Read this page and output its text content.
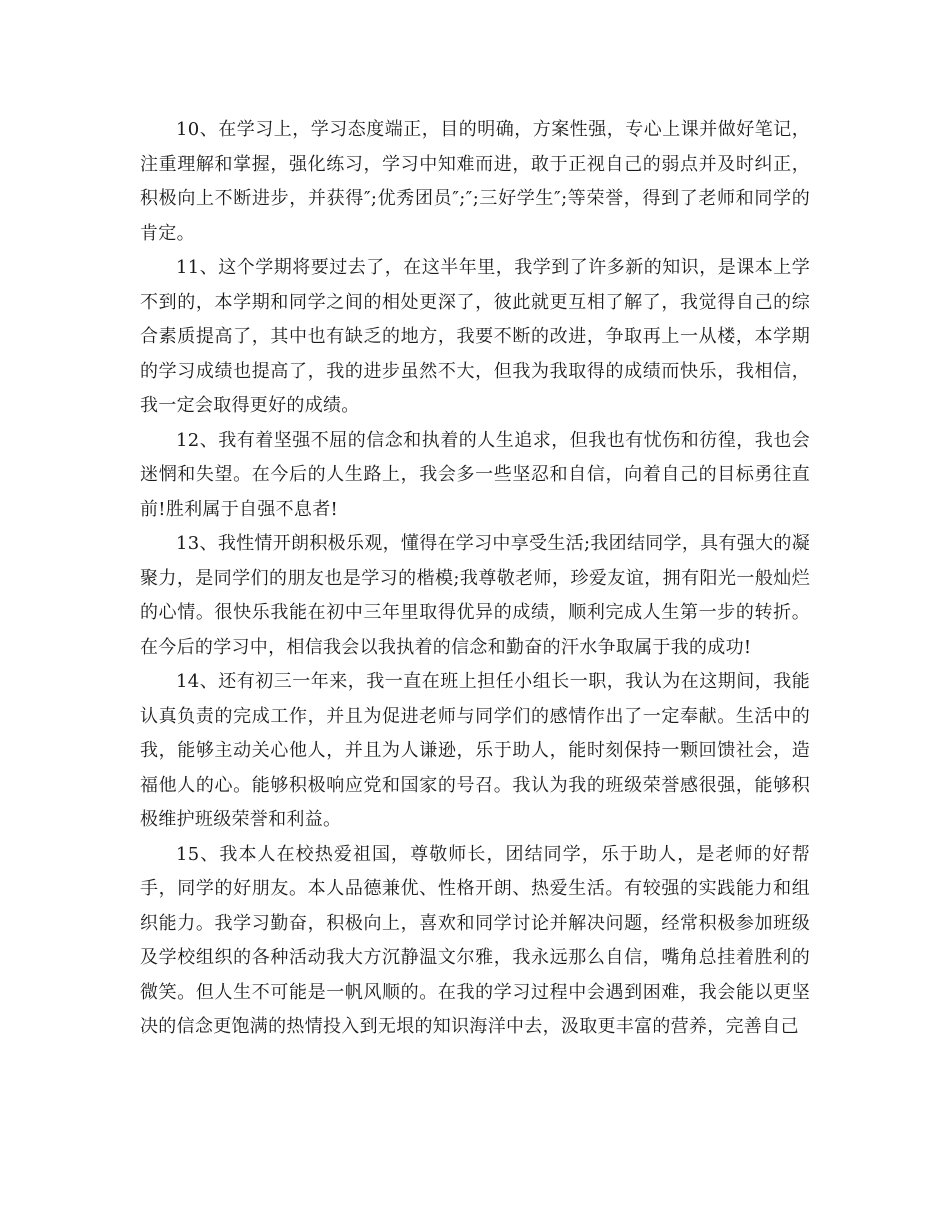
10、在学习上，学习态度端正，目的明确，方案性强，专心上课并做好笔记，注重理解和掌握，强化练习，学习中知难而进，敢于正视自己的弱点并及时纠正，积极向上不断进步，并获得″;优秀团员″;″;三好学生″;等荣誉，得到了老师和同学的肯定。

11、这个学期将要过去了，在这半年里，我学到了许多新的知识，是课本上学不到的，本学期和同学之间的相处更深了，彼此就更互相了解了，我觉得自己的综合素质提高了，其中也有缺乏的地方，我要不断的改进，争取再上一从楼，本学期的学习成绩也提高了，我的进步虽然不大，但我为我取得的成绩而快乐，我相信，我一定会取得更好的成绩。

12、我有着坚强不屈的信念和执着的人生追求，但我也有忧伤和彷徨，我也会迷惘和失望。在今后的人生路上，我会多一些坚忍和自信，向着自己的目标勇往直前!胜利属于自强不息者!

13、我性情开朗积极乐观，懂得在学习中享受生活;我团结同学，具有强大的凝聚力，是同学们的朋友也是学习的楷模;我尊敬老师，珍爱友谊，拥有阳光一般灿烂的心情。很快乐我能在初中三年里取得优异的成绩，顺利完成人生第一步的转折。在今后的学习中，相信我会以我执着的信念和勤奋的汗水争取属于我的成功!

14、还有初三一年来，我一直在班上担任小组长一职，我认为在这期间，我能认真负责的完成工作，并且为促进老师与同学们的感情作出了一定奉献。生活中的我，能够主动关心他人，并且为人谦逊，乐于助人，能时刻保持一颗回馈社会，造福他人的心。能够积极响应党和国家的号召。我认为我的班级荣誉感很强，能够积极维护班级荣誉和利益。

15、我本人在校热爱祖国，尊敬师长，团结同学，乐于助人，是老师的好帮手，同学的好朋友。本人品德兼优、性格开朗、热爱生活。有较强的实践能力和组织能力。我学习勤奋，积极向上，喜欢和同学讨论并解决问题，经常积极参加班级及学校组织的各种活动我大方沉静温文尔雅，我永远那么自信，嘴角总挂着胜利的微笑。但人生不可能是一帆风顺的。在我的学习过程中会遇到困难，我会能以更坚决的信念更饱满的热情投入到无垠的知识海洋中去，汲取更丰富的营养，完善自己
